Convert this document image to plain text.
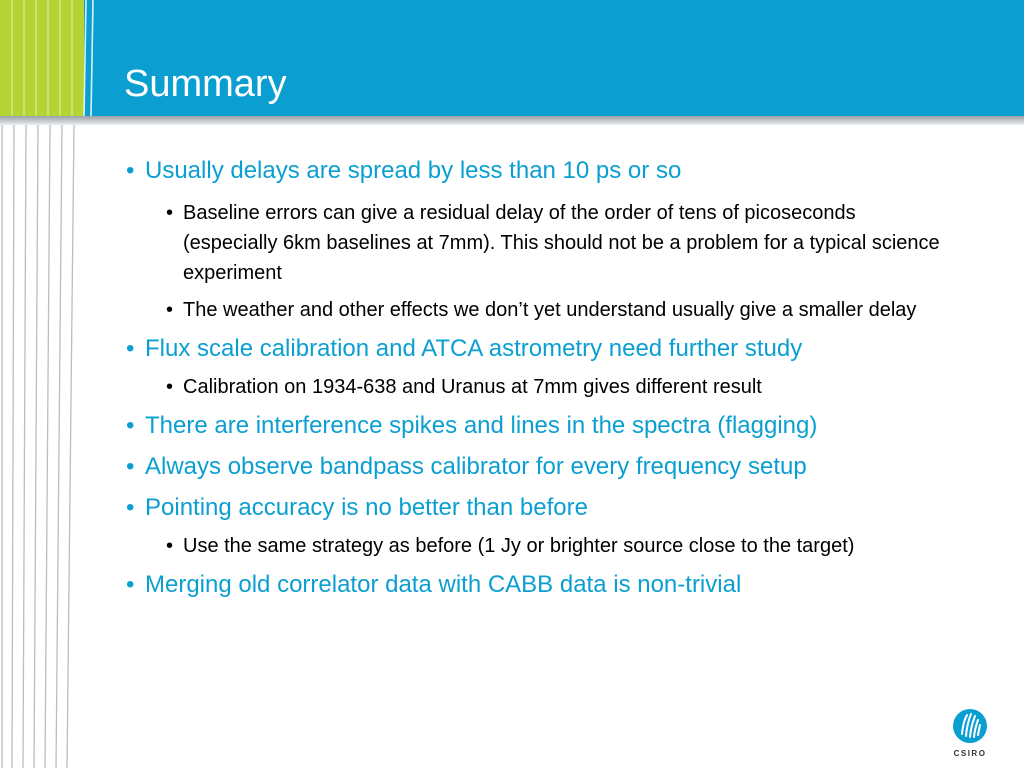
Summary
• Usually delays are spread by less than 10 ps or so
• Baseline errors can give a residual delay of the order of tens of picoseconds (especially 6km baselines at 7mm). This should not be a problem for a typical science experiment
• The weather and other effects we don’t yet understand usually give a smaller delay
• Flux scale calibration and ATCA astrometry need further study
• Calibration on 1934-638 and Uranus at 7mm gives different result
• There are interference spikes and lines in the spectra (flagging)
• Always observe bandpass calibrator for every frequency setup
• Pointing accuracy is no better than before
• Use the same strategy as before (1 Jy or brighter source close to the target)
• Merging old correlator data with CABB data is non-trivial
CSIRO
